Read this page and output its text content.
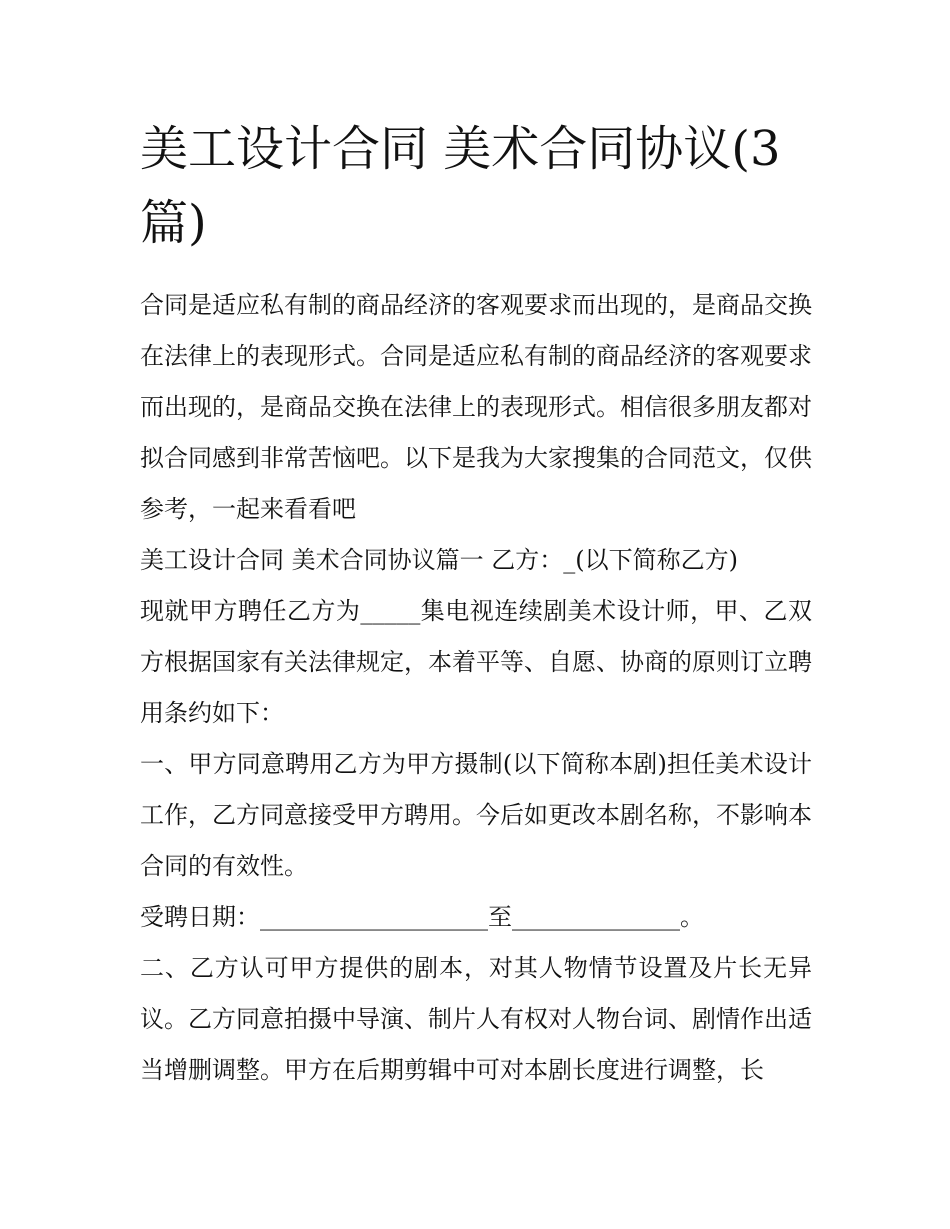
美工设计合同 美术合同协议(3篇)

合同是适应私有制的商品经济的客观要求而出现的，是商品交换在法律上的表现形式。合同是适应私有制的商品经济的客观要求而出现的，是商品交换在法律上的表现形式。相信很多朋友都对拟合同感到非常苦恼吧。以下是我为大家搜集的合同范文，仅供参考，一起来看看吧

美工设计合同 美术合同协议篇一 乙方：_(以下简称乙方)

现就甲方聘任乙方为_____集电视连续剧美术设计师，甲、乙双方根据国家有关法律规定，本着平等、自愿、协商的原则订立聘用条约如下：

一、甲方同意聘用乙方为甲方摄制(以下简称本剧)担任美术设计工作，乙方同意接受甲方聘用。今后如更改本剧名称，不影响本合同的有效性。

受聘日期：___________________至______________。

二、乙方认可甲方提供的剧本，对其人物情节设置及片长无异议。乙方同意拍摄中导演、制片人有权对人物台词、剧情作出适当增删调整。甲方在后期剪辑中可对本剧长度进行调整，长
